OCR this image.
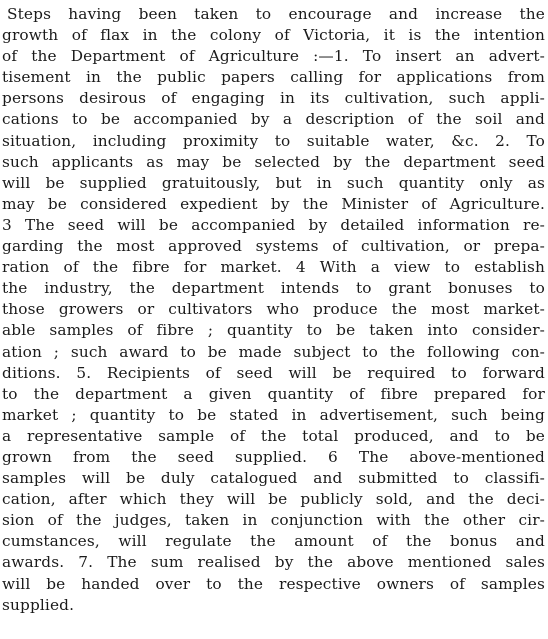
Steps having been taken to encourage and increase the
growth of flax in the colony of Victoria, it is the intention
of the Department of Agriculture :—1. To insert an advert-
tisement in the public papers calling for applications from
persons desirous of engaging in its cultivation, such appli-
cations to be accompanied by a description of the soil and
situation, including proximity to suitable water, &c. 2. To
such applicants as may be selected by the department seed
will be supplied gratuitously, but in such quantity only as
may be considered expedient by the Minister of Agriculture.
3 The seed will be accompanied by detailed information re-
garding the most approved systems of cultivation, or prepa-
ration of the fibre for market. 4 With a view to establish
the industry, the department intends to grant bonuses to
those growers or cultivators who produce the most market-
able samples of fibre ; quantity to be taken into consider-
ation ; such award to be made subject to the following con-
ditions. 5. Recipients of seed will be required to forward
to the department a given quantity of fibre prepared for
market ; quantity to be stated in advertisement, such being
a representative sample of the total produced, and to be
grown from the seed supplied. 6 The above-mentioned
samples will be duly catalogued and submitted to classifi-
cation, after which they will be publicly sold, and the deci-
sion of the judges, taken in conjunction with the other cir-
cumstances, will regulate the amount of the bonus and
awards. 7. The sum realised by the above mentioned sales
will be handed over to the respective owners of samples
supplied.
